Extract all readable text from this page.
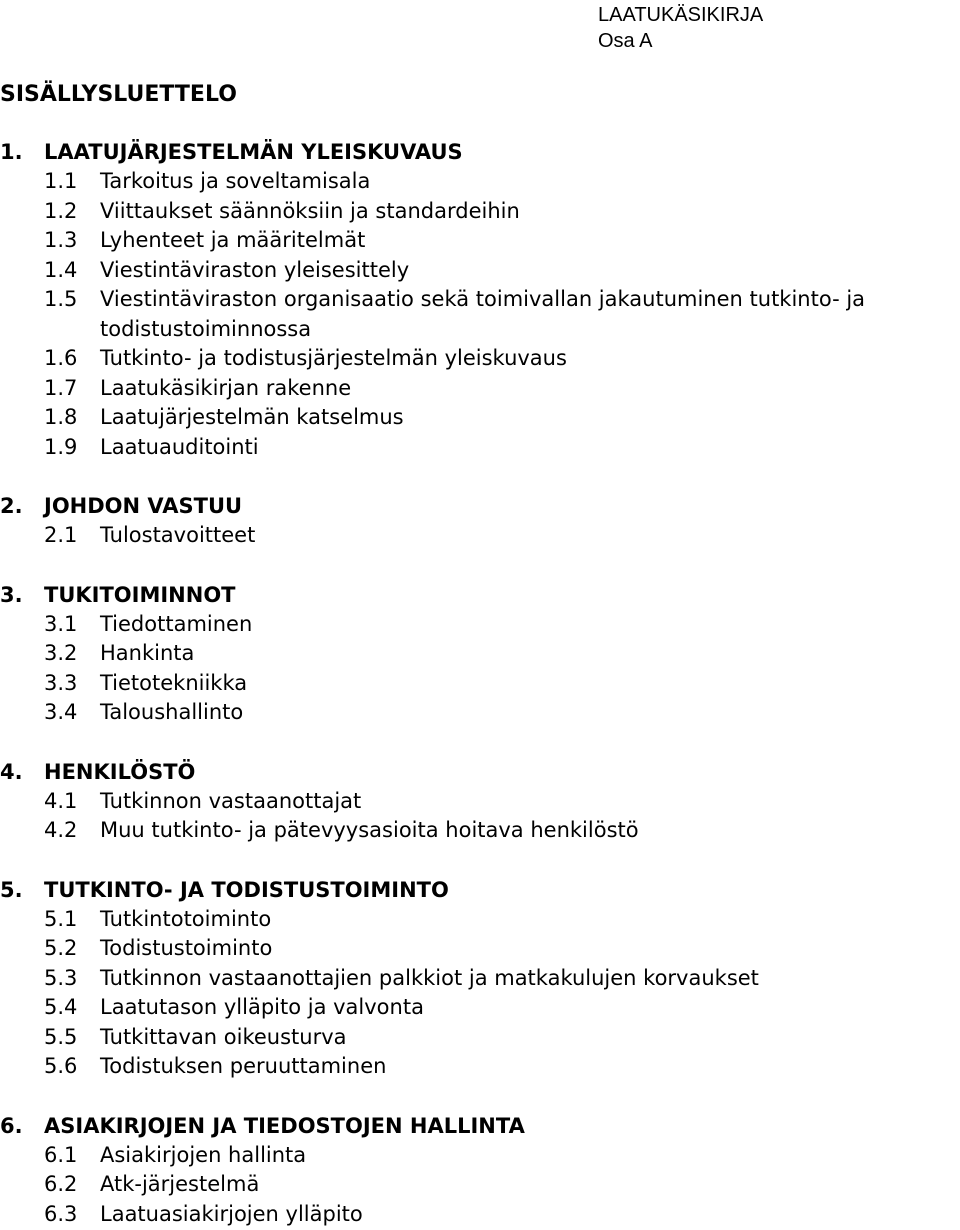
LAATUKÄSIKIRJA
Osa A
SISÄLLYSLUETTELO
1.	LAATUJÄRJESTELMÄN YLEISKUVAUS
1.1	Tarkoitus ja soveltamisala
1.2	Viittaukset säännöksiin ja standardeihin
1.3	Lyhenteet ja määritelmät
1.4	Viestintäviraston yleisesittely
1.5	Viestintäviraston organisaatio sekä toimivallan jakautuminen tutkinto- ja todistustoiminnossa
1.6	Tutkinto- ja todistusjärjestelmän yleiskuvaus
1.7	Laatukäsikirjan rakenne
1.8	Laatujärjestelmän katselmus
1.9	Laatuauditointi
2.	JOHDON VASTUU
2.1	Tulostavoitteet
3.	TUKITOIMINNOT
3.1	Tiedottaminen
3.2	Hankinta
3.3	Tietotekniikka
3.4	Taloushallinto
4.	HENKILÖSTÖ
4.1	Tutkinnon vastaanottajat
4.2	Muu tutkinto- ja pätevyysasioita hoitava henkilöstö
5.	TUTKINTO- JA TODISTUSTOIMINTO
5.1	Tutkintotoiminto
5.2	Todistustoiminto
5.3	Tutkinnon vastaanottajien palkkiot ja matkakulujen korvaukset
5.4	Laatutason ylläpito ja valvonta
5.5	Tutkittavan oikeusturva
5.6	Todistuksen peruuttaminen
6.	ASIAKIRJOJEN JA TIEDOSTOJEN HALLINTA
6.1	Asiakirjojen hallinta
6.2	Atk-järjestelmä
6.3	Laatuasiakirjojen ylläpito
